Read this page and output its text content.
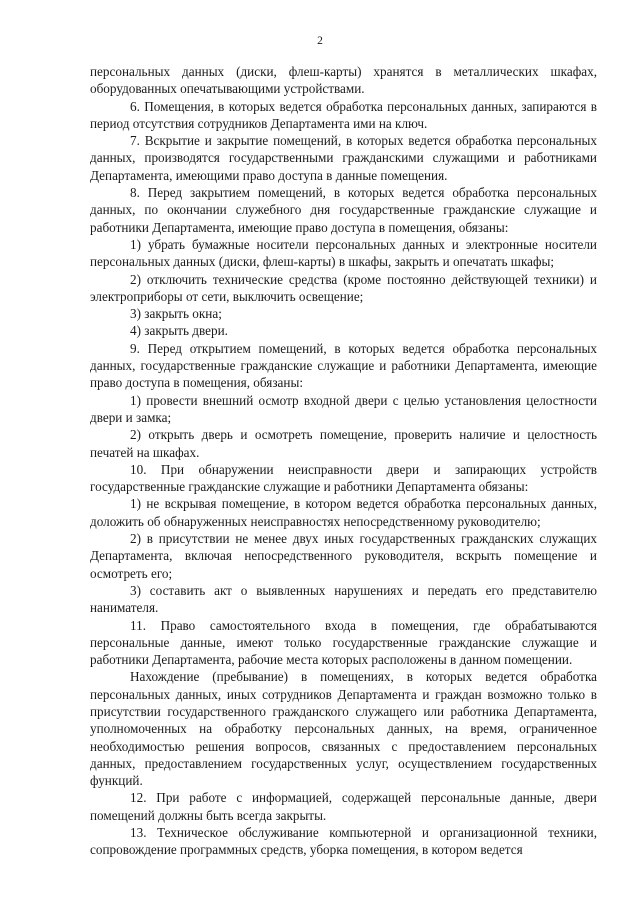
2

персональных данных (диски, флеш-карты) хранятся в металлических шкафах, оборудованных опечатывающими устройствами.

6. Помещения, в которых ведется обработка персональных данных, запираются в период отсутствия сотрудников Департамента ими на ключ.

7. Вскрытие и закрытие помещений, в которых ведется обработка персональных данных, производятся государственными гражданскими служащими и работниками Департамента, имеющими право доступа в данные помещения.

8. Перед закрытием помещений, в которых ведется обработка персональных данных, по окончании служебного дня государственные гражданские служащие и работники Департамента, имеющие право доступа в помещения, обязаны:

1) убрать бумажные носители персональных данных и электронные носители персональных данных (диски, флеш-карты) в шкафы, закрыть и опечатать шкафы;

2) отключить технические средства (кроме постоянно действующей техники) и электроприборы от сети, выключить освещение;

3) закрыть окна;

4) закрыть двери.

9. Перед открытием помещений, в которых ведется обработка персональных данных, государственные гражданские служащие и работники Департамента, имеющие право доступа в помещения, обязаны:

1) провести внешний осмотр входной двери с целью установления целостности двери и замка;

2) открыть дверь и осмотреть помещение, проверить наличие и целостность печатей на шкафах.

10. При обнаружении неисправности двери и запирающих устройств государственные гражданские служащие и работники Департамента обязаны:

1) не вскрывая помещение, в котором ведется обработка персональных данных, доложить об обнаруженных неисправностях непосредственному руководителю;

2) в присутствии не менее двух иных государственных гражданских служащих Департамента, включая непосредственного руководителя, вскрыть помещение и осмотреть его;

3) составить акт о выявленных нарушениях и передать его представителю нанимателя.

11. Право самостоятельного входа в помещения, где обрабатываются персональные данные, имеют только государственные гражданские служащие и работники Департамента, рабочие места которых расположены в данном помещении.

Нахождение (пребывание) в помещениях, в которых ведется обработка персональных данных, иных сотрудников Департамента и граждан возможно только в присутствии государственного гражданского служащего или работника Департамента, уполномоченных на обработку персональных данных, на время, ограниченное необходимостью решения вопросов, связанных с предоставлением персональных данных, предоставлением государственных услуг, осуществлением государственных функций.

12. При работе с информацией, содержащей персональные данные, двери помещений должны быть всегда закрыты.

13. Техническое обслуживание компьютерной и организационной техники, сопровождение программных средств, уборка помещения, в котором ведется
